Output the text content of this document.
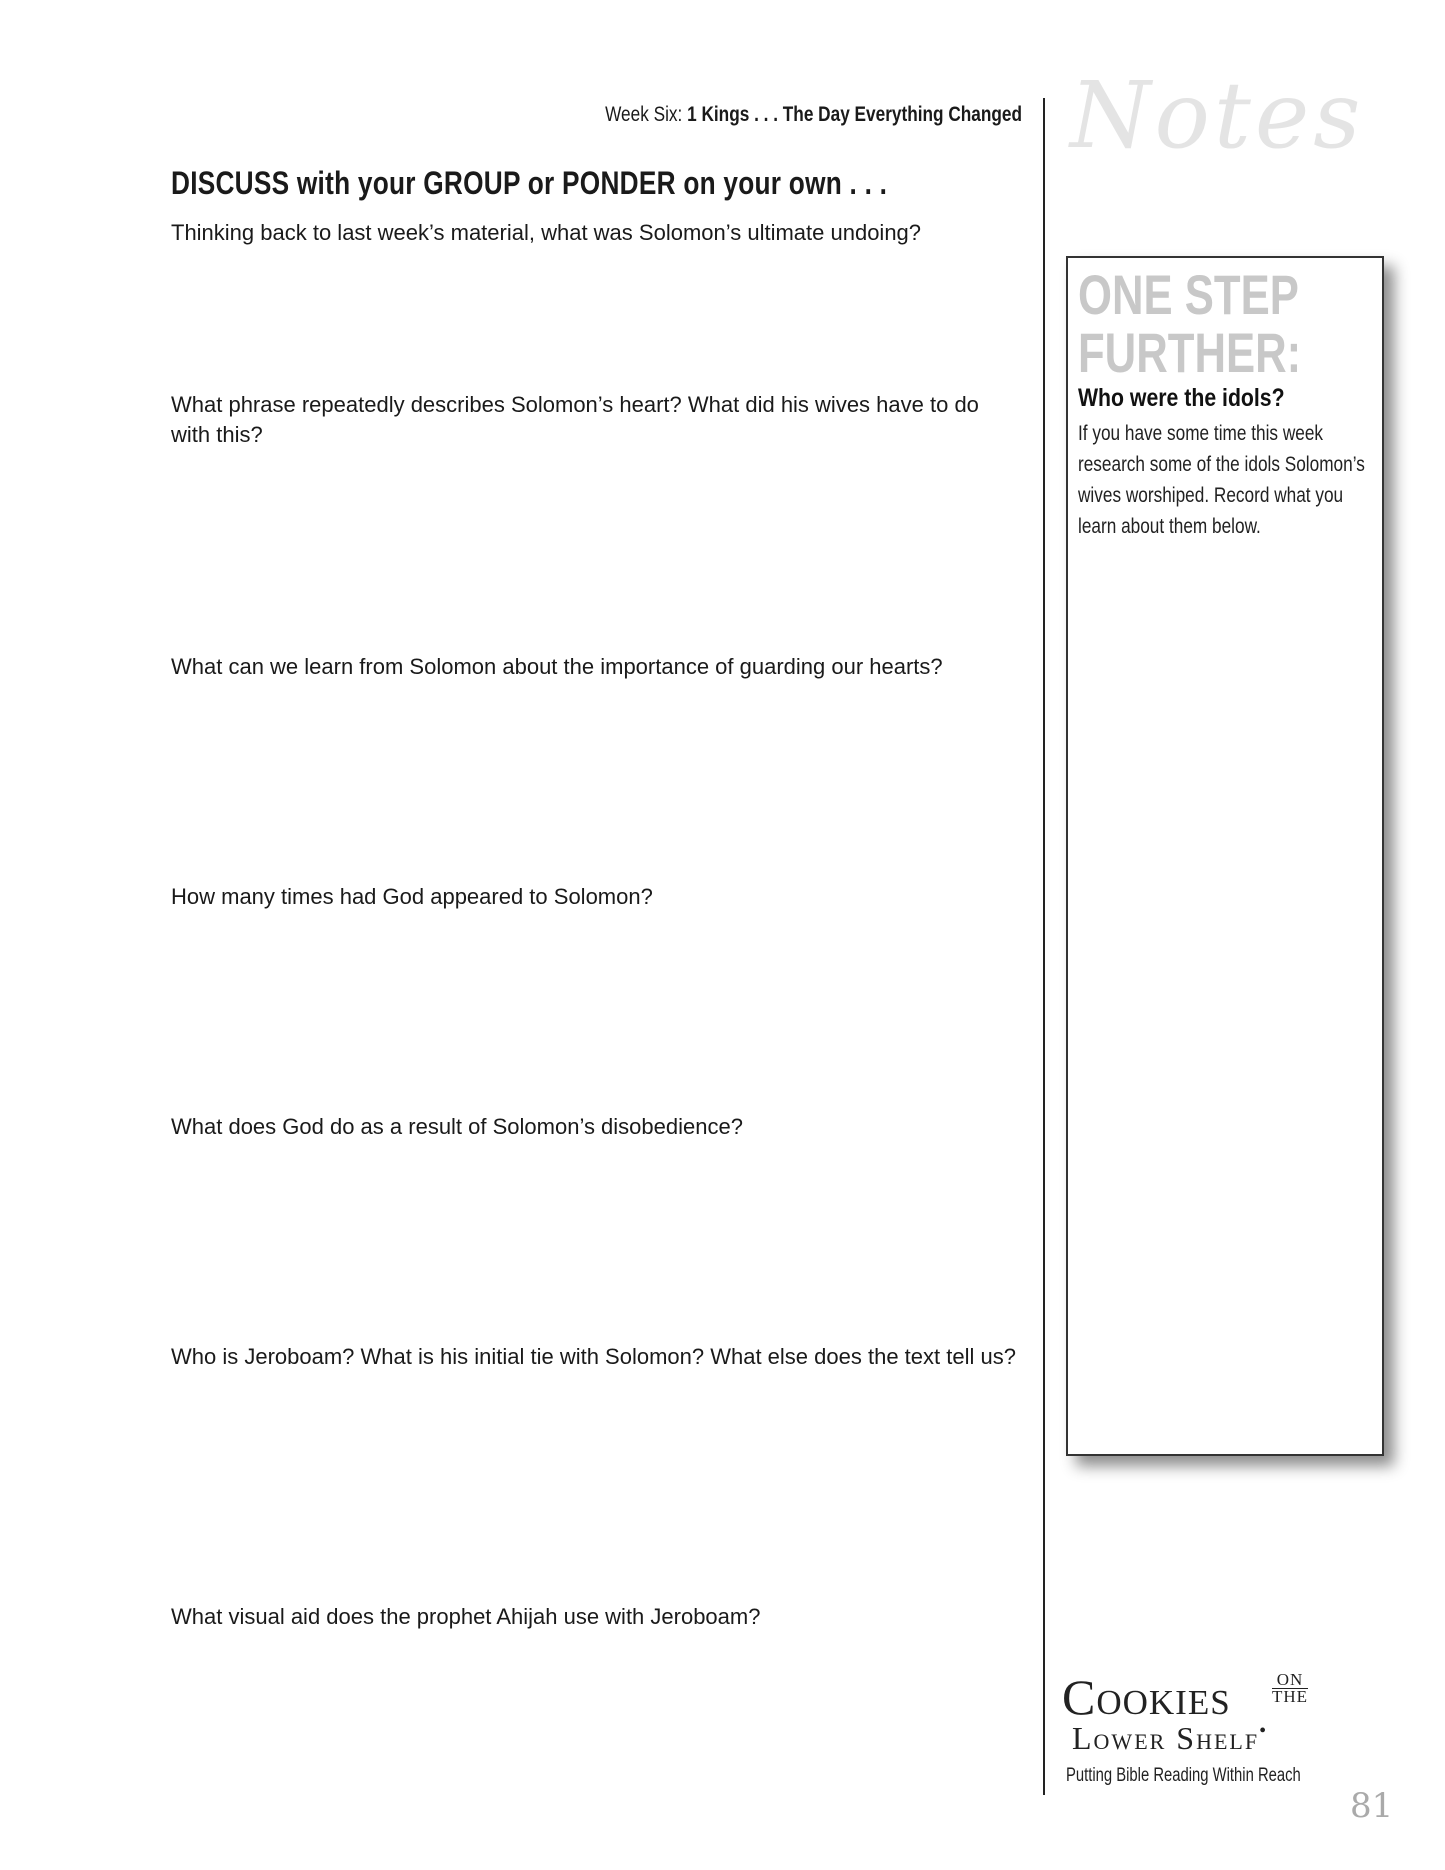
Week Six: 1 Kings . . . The Day Everything Changed
DISCUSS with your GROUP or PONDER on your own . . .
Thinking back to last week’s material, what was Solomon’s ultimate undoing?
What phrase repeatedly describes Solomon’s heart? What did his wives have to do with this?
What can we learn from Solomon about the importance of guarding our hearts?
How many times had God appeared to Solomon?
What does God do as a result of Solomon’s disobedience?
Who is Jeroboam? What is his initial tie with Solomon? What else does the text tell us?
What visual aid does the prophet Ahijah use with Jeroboam?
Notes
ONE STEP
FURTHER:
Who were the idols?
If you have some time this week research some of the idols Solomon’s wives worshiped. Record what you learn about them below.
Cookies	ON
THE
Lower Shelf•
Putting Bible Reading Within Reach
81
